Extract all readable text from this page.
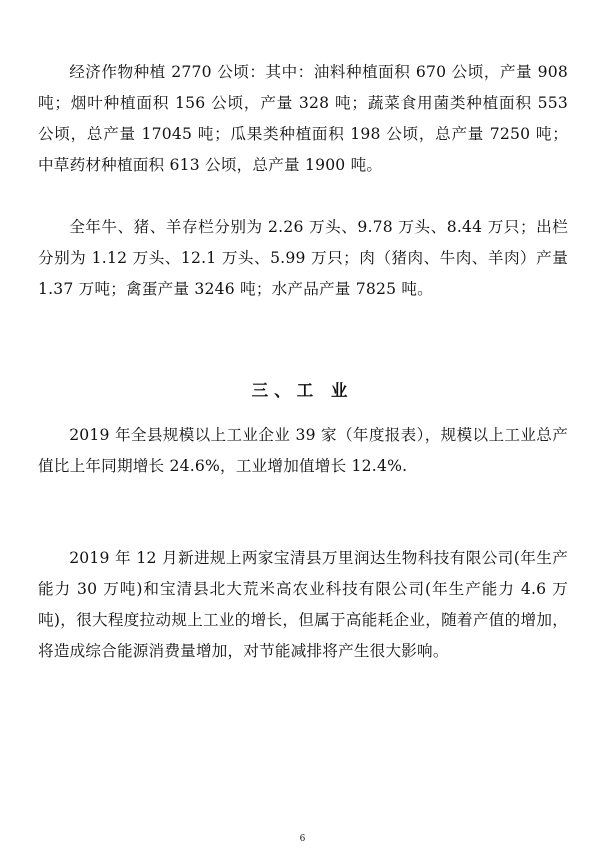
经济作物种植 2770 公顷：其中：油料种植面积 670 公顷，产量 908 吨；烟叶种植面积 156 公顷，产量 328 吨；蔬菜食用菌类种植面积 553 公顷，总产量 17045 吨；瓜果类种植面积 198 公顷，总产量 7250 吨；中草药材种植面积 613 公顷，总产量 1900 吨。

全年牛、猪、羊存栏分别为 2.26 万头、9.78 万头、8.44 万只；出栏分别为 1.12 万头、12.1 万头、5.99 万只；肉（猪肉、牛肉、羊肉）产量 1.37 万吨；禽蛋产量 3246 吨；水产品产量 7825 吨。

三、工 业

2019 年全县规模以上工业企业 39 家（年度报表），规模以上工业总产值比上年同期增长 24.6%，工业增加值增长 12.4%.

2019 年 12 月新进规上两家宝清县万里润达生物科技有限公司(年生产能力 30 万吨)和宝清县北大荒米高农业科技有限公司(年生产能力 4.6 万吨)，很大程度拉动规上工业的增长，但属于高能耗企业，随着产值的增加，将造成综合能源消费量增加，对节能减排将产生很大影响。

6
